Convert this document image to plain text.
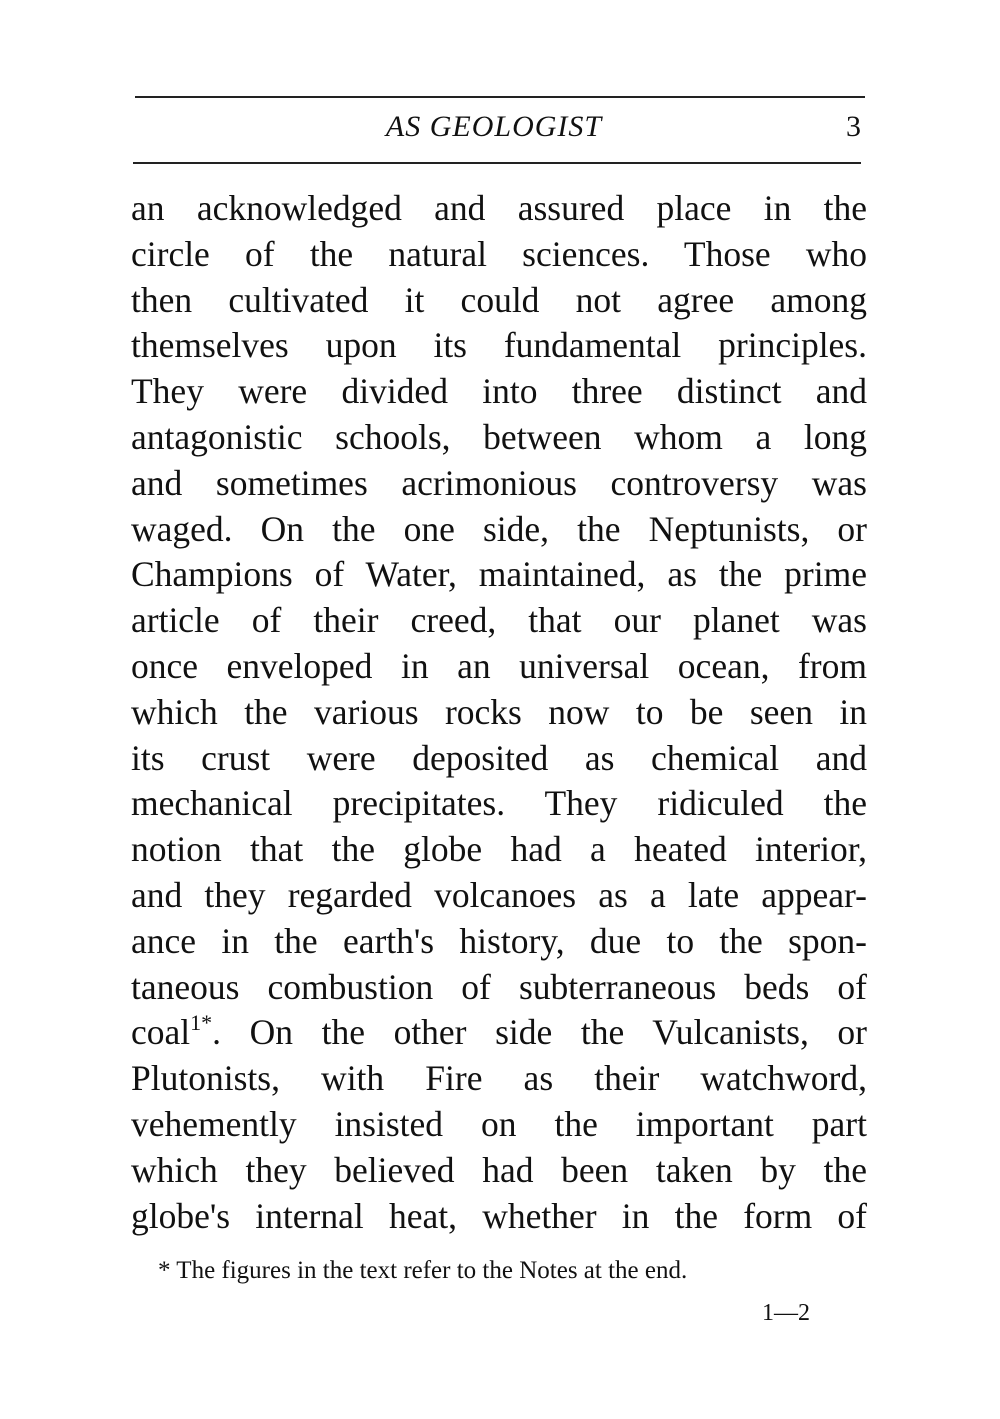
AS GEOLOGIST	3
an acknowledged and assured place in the
circle of the natural sciences. Those who
then cultivated it could not agree among
themselves upon its fundamental principles.
They were divided into three distinct and
antagonistic schools, between whom a long
and sometimes acrimonious controversy was
waged. On the one side, the Neptunists, or
Champions of Water, maintained, as the prime
article of their creed, that our planet was
once enveloped in an universal ocean, from
which the various rocks now to be seen in
its crust were deposited as chemical and
mechanical precipitates. They ridiculed the
notion that the globe had a heated interior,
and they regarded volcanoes as a late appear-
ance in the earth's history, due to the spon-
taneous combustion of subterraneous beds of
coal$^{1*}$. On the other side the Vulcanists, or
Plutonists, with Fire as their watchword,
vehemently insisted on the important part
which they believed had been taken by the
globe's internal heat, whether in the form of
* The figures in the text refer to the Notes at the end.
1—2
